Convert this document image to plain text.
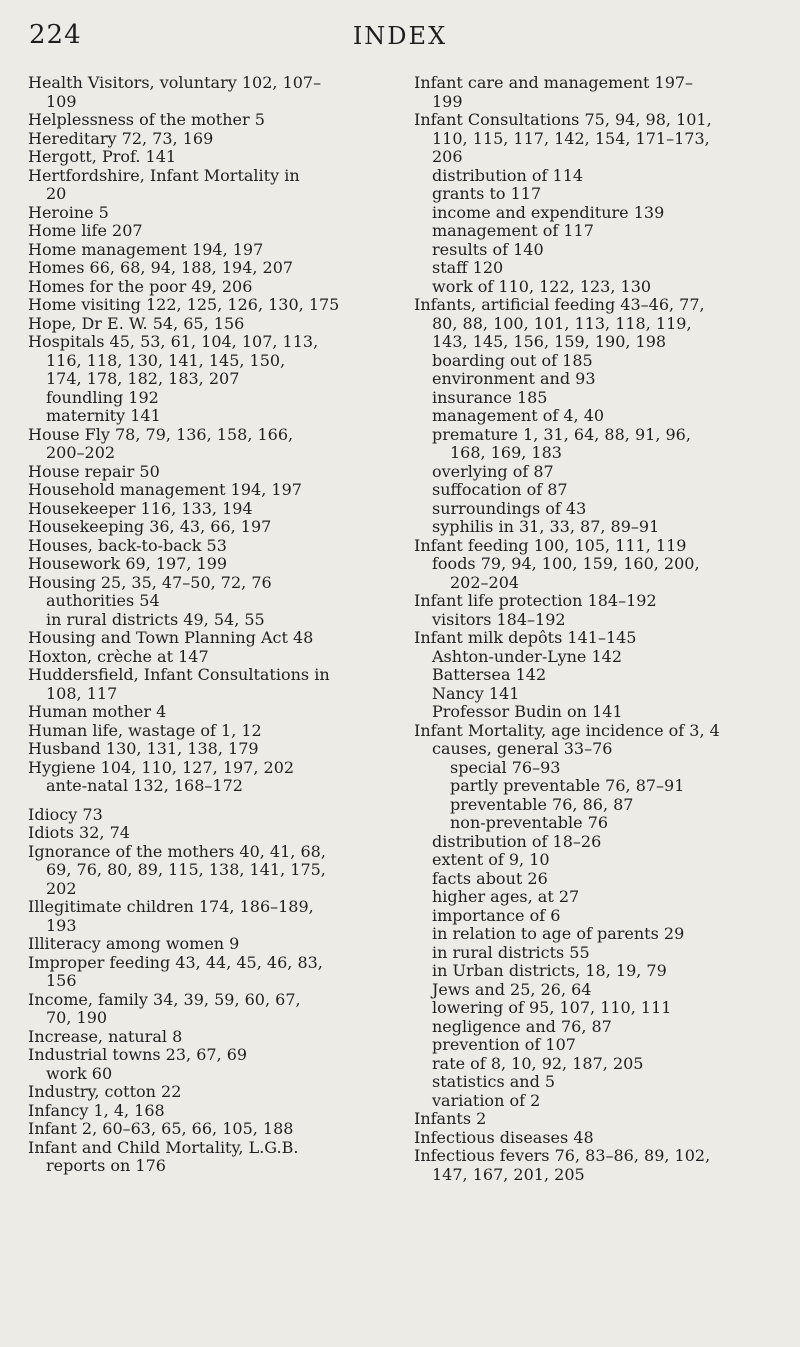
224	INDEX
Health Visitors, voluntary 102, 107–
109
Helplessness of the mother 5
Hereditary 72, 73, 169
Hergott, Prof. 141
Hertfordshire, Infant Mortality in
20
Heroine 5
Home life 207
Home management 194, 197
Homes 66, 68, 94, 188, 194, 207
Homes for the poor 49, 206
Home visiting 122, 125, 126, 130, 175
Hope, Dr E. W. 54, 65, 156
Hospitals 45, 53, 61, 104, 107, 113,
116, 118, 130, 141, 145, 150,
174, 178, 182, 183, 207
foundling 192
maternity 141
House Fly 78, 79, 136, 158, 166,
200–202
House repair 50
Household management 194, 197
Housekeeper 116, 133, 194
Housekeeping 36, 43, 66, 197
Houses, back-to-back 53
Housework 69, 197, 199
Housing 25, 35, 47–50, 72, 76
authorities 54
in rural districts 49, 54, 55
Housing and Town Planning Act 48
Hoxton, crèche at 147
Huddersfield, Infant Consultations in
108, 117
Human mother 4
Human life, wastage of 1, 12
Husband 130, 131, 138, 179
Hygiene 104, 110, 127, 197, 202
ante-natal 132, 168–172
Idiocy 73
Idiots 32, 74
Ignorance of the mothers 40, 41, 68,
69, 76, 80, 89, 115, 138, 141, 175,
202
Illegitimate children 174, 186–189,
193
Illiteracy among women 9
Improper feeding 43, 44, 45, 46, 83,
156
Income, family 34, 39, 59, 60, 67,
70, 190
Increase, natural 8
Industrial towns 23, 67, 69
work 60
Industry, cotton 22
Infancy 1, 4, 168
Infant 2, 60–63, 65, 66, 105, 188
Infant and Child Mortality, L.G.B.
reports on 176
Infant care and management 197–
199
Infant Consultations 75, 94, 98, 101,
110, 115, 117, 142, 154, 171–173,
206
distribution of 114
grants to 117
income and expenditure 139
management of 117
results of 140
staff 120
work of 110, 122, 123, 130
Infants, artificial feeding 43–46, 77,
80, 88, 100, 101, 113, 118, 119,
143, 145, 156, 159, 190, 198
boarding out of 185
environment and 93
insurance 185
management of 4, 40
premature 1, 31, 64, 88, 91, 96,
168, 169, 183
overlying of 87
suffocation of 87
surroundings of 43
syphilis in 31, 33, 87, 89–91
Infant feeding 100, 105, 111, 119
foods 79, 94, 100, 159, 160, 200,
202–204
Infant life protection 184–192
visitors 184–192
Infant milk depôts 141–145
Ashton-under-Lyne 142
Battersea 142
Nancy 141
Professor Budin on 141
Infant Mortality, age incidence of 3, 4
causes, general 33–76
special 76–93
partly preventable 76, 87–91
preventable 76, 86, 87
non-preventable 76
distribution of 18–26
extent of 9, 10
facts about 26
higher ages, at 27
importance of 6
in relation to age of parents 29
in rural districts 55
in Urban districts, 18, 19, 79
Jews and 25, 26, 64
lowering of 95, 107, 110, 111
negligence and 76, 87
prevention of 107
rate of 8, 10, 92, 187, 205
statistics and 5
variation of 2
Infants 2
Infectious diseases 48
Infectious fevers 76, 83–86, 89, 102,
147, 167, 201, 205
